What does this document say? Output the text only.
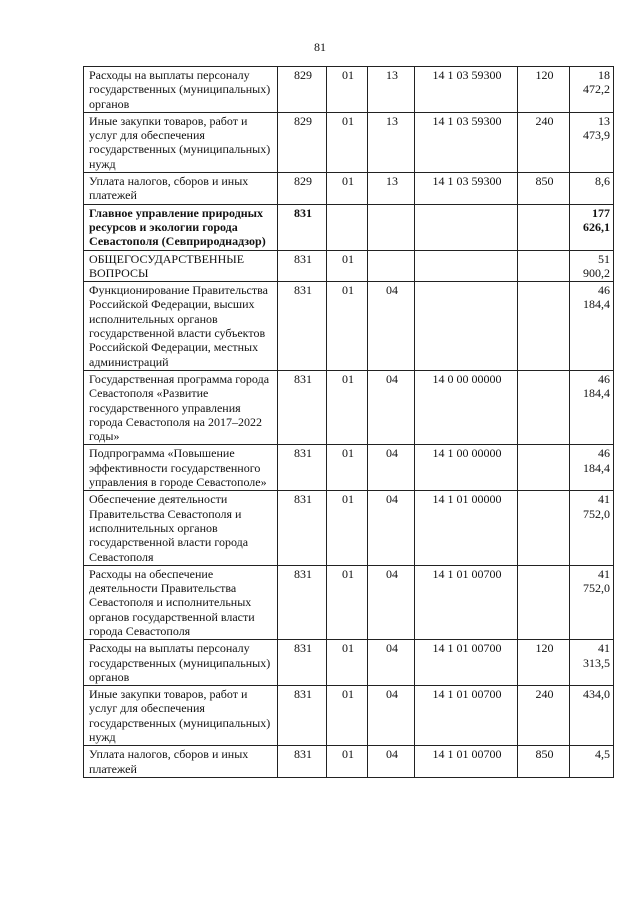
81
Расходы на выплаты персоналу государственных (муниципальных) органов	829	01	13	14 1 03 59300	120	18 472,2
Иные закупки товаров, работ и услуг для обеспечения государственных (муниципальных) нужд	829	01	13	14 1 03 59300	240	13 473,9
Уплата налогов, сборов и иных платежей	829	01	13	14 1 03 59300	850	8,6
Главное управление природных ресурсов и экологии города Севастополя (Севприроднадзор)	831					177 626,1
ОБЩЕГОСУДАРСТВЕННЫЕ ВОПРОСЫ	831	01				51 900,2
Функционирование Правительства Российской Федерации, высших исполнительных органов государственной власти субъектов Российской Федерации, местных администраций	831	01	04			46 184,4
Государственная программа города Севастополя «Развитие государственного управления города Севастополя на 2017–2022 годы»	831	01	04	14 0 00 00000		46 184,4
Подпрограмма «Повышение эффективности государственного управления в городе Севастополе»	831	01	04	14 1 00 00000		46 184,4
Обеспечение деятельности Правительства Севастополя и исполнительных органов государственной власти города Севастополя	831	01	04	14 1 01 00000		41 752,0
Расходы на обеспечение деятельности Правительства Севастополя и исполнительных органов государственной власти города Севастополя	831	01	04	14 1 01 00700		41 752,0
Расходы на выплаты персоналу государственных (муниципальных) органов	831	01	04	14 1 01 00700	120	41 313,5
Иные закупки товаров, работ и услуг для обеспечения государственных (муниципальных) нужд	831	01	04	14 1 01 00700	240	434,0
Уплата налогов, сборов и иных платежей	831	01	04	14 1 01 00700	850	4,5
